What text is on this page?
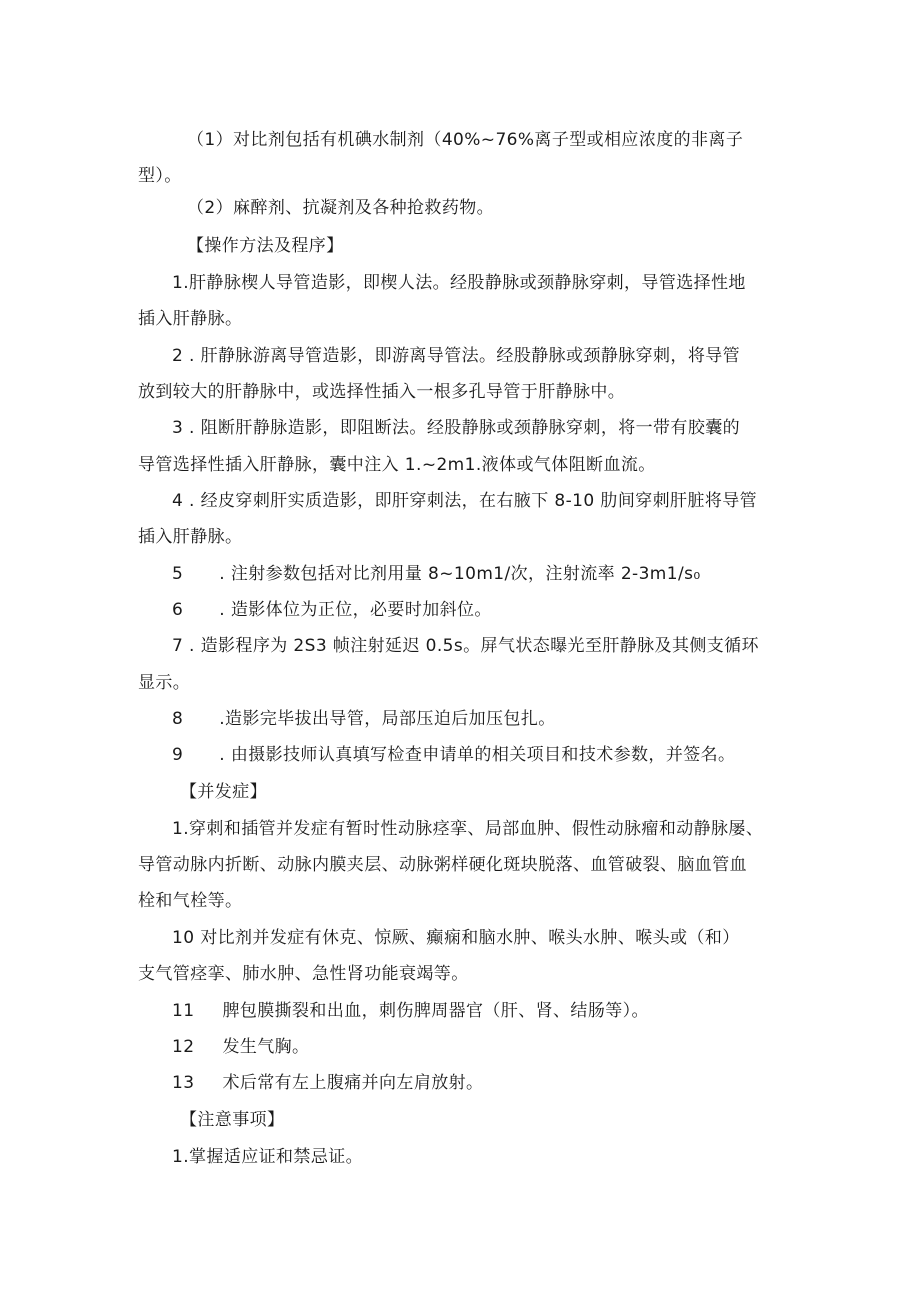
（1）对比剂包括有机碘水制剂（40%~76%离子型或相应浓度的非离子
型）。
（2）麻醉剂、抗凝剂及各种抢救药物。
【操作方法及程序】
1.肝静脉楔人导管造影，即楔人法。经股静脉或颈静脉穿刺，导管选择性地
插入肝静脉。
2 . 肝静脉游离导管造影，即游离导管法。经股静脉或颈静脉穿刺，将导管
放到较大的肝静脉中，或选择性插入一根多孔导管于肝静脉中。
3 . 阻断肝静脉造影，即阻断法。经股静脉或颈静脉穿刺，将一带有胶囊的
导管选择性插入肝静脉，囊中注入 1.~2m1.液体或气体阻断血流。
4 . 经皮穿刺肝实质造影，即肝穿刺法，在右腋下 8-10 肋间穿刺肝脏将导管
插入肝静脉。
5 . 注射参数包括对比剂用量 8~10m1/次，注射流率 2-3m1/s₀
6 . 造影体位为正位，必要时加斜位。
7 . 造影程序为 2S3 帧注射延迟 0.5s。屏气状态曝光至肝静脉及其侧支循环
显示。
8 .造影完毕拔出导管，局部压迫后加压包扎。
9 . 由摄影技师认真填写检查申请单的相关项目和技术参数，并签名。
【并发症】
1.穿刺和插管并发症有暂时性动脉痉挛、局部血肿、假性动脉瘤和动静脉屡、
导管动脉内折断、动脉内膜夹层、动脉粥样硬化斑块脱落、血管破裂、脑血管血
栓和气栓等。
10 对比剂并发症有休克、惊厥、癫痫和脑水肿、喉头水肿、喉头或（和）
支气管痉挛、肺水肿、急性肾功能衰竭等。
11 脾包膜撕裂和出血，刺伤脾周器官（肝、肾、结肠等）。
12 发生气胸。
13 术后常有左上腹痛并向左肩放射。
【注意事项】
1.掌握适应证和禁忌证。
